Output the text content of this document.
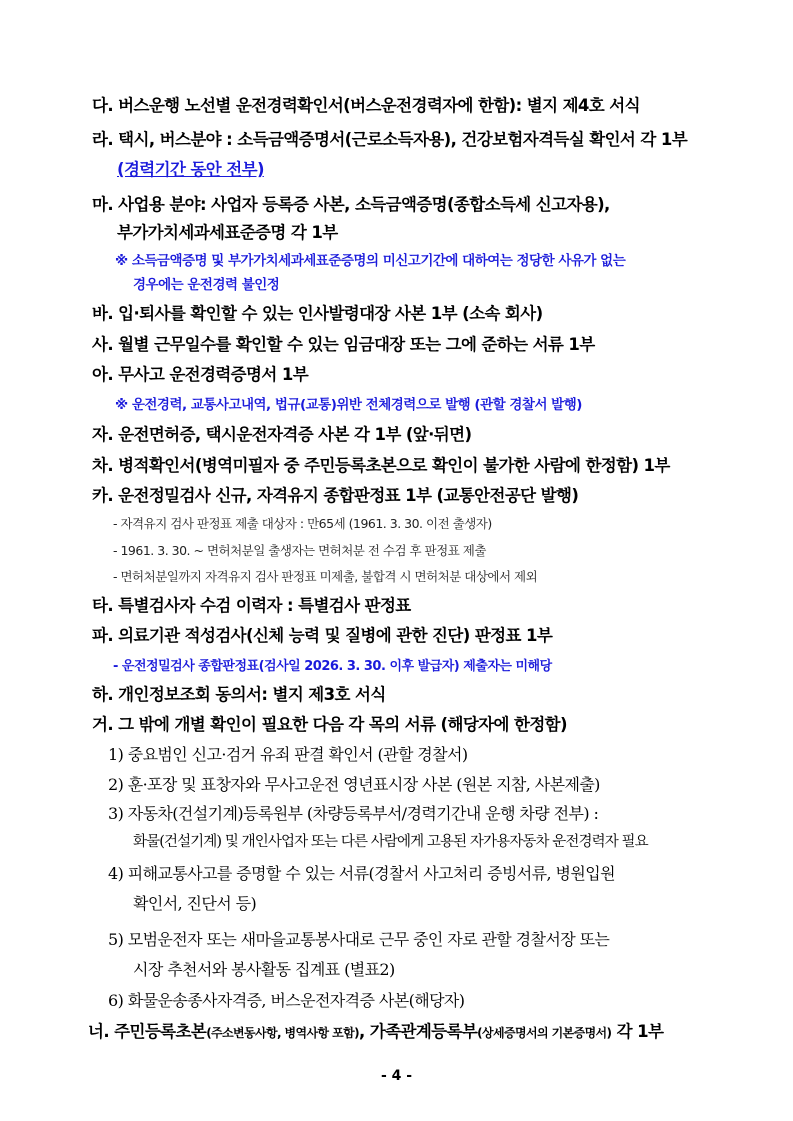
다. 버스운행 노선별 운전경력확인서(버스운전경력자에 한함): 별지 제4호 서식
라. 택시, 버스분야 : 소득금액증명서(근로소득자용), 건강보험자격득실 확인서 각 1부
(경력기간 동안 전부)
마. 사업용 분야: 사업자 등록증 사본, 소득금액증명(종합소득세 신고자용),
부가가치세과세표준증명 각 1부
※ 소득금액증명 및 부가가치세과세표준증명의 미신고기간에 대하여는 정당한 사유가 없는
경우에는 운전경력 불인정
바. 입·퇴사를 확인할 수 있는 인사발령대장 사본 1부 (소속 회사)
사. 월별 근무일수를 확인할 수 있는 임금대장 또는 그에 준하는 서류 1부
아. 무사고 운전경력증명서 1부
※ 운전경력, 교통사고내역, 법규(교통)위반 전체경력으로 발행 (관할 경찰서 발행)
자. 운전면허증, 택시운전자격증 사본 각 1부 (앞·뒤면)
차. 병적확인서(병역미필자 중 주민등록초본으로 확인이 불가한 사람에 한정함) 1부
카. 운전정밀검사 신규, 자격유지 종합판정표 1부 (교통안전공단 발행)
- 자격유지 검사 판정표 제출 대상자 : 만65세 (1961. 3. 30. 이전 출생자)
- 1961. 3. 30. ~ 면허처분일 출생자는 면허처분 전 수검 후 판정표 제출
- 면허처분일까지 자격유지 검사 판정표 미제출, 불합격 시 면허처분 대상에서 제외
타. 특별검사자 수검 이력자 : 특별검사 판정표
파. 의료기관 적성검사(신체 능력 및 질병에 관한 진단) 판정표 1부
- 운전정밀검사 종합판정표(검사일 2026. 3. 30. 이후 발급자) 제출자는 미해당
하. 개인정보조회 동의서: 별지 제3호 서식
거. 그 밖에 개별 확인이 필요한 다음 각 목의 서류 (해당자에 한정함)
1) 중요범인 신고·검거 유죄 판결 확인서 (관할 경찰서)
2) 훈·포장 및 표창자와 무사고운전 영년표시장 사본 (원본 지참, 사본제출)
3) 자동차(건설기계)등록원부 (차량등록부서/경력기간내 운행 차량 전부) :
화물(건설기계) 및 개인사업자 또는 다른 사람에게 고용된 자가용자동차 운전경력자 필요
4) 피해교통사고를 증명할 수 있는 서류(경찰서 사고처리 증빙서류, 병원입원
확인서, 진단서 등)
5) 모범운전자 또는 새마을교통봉사대로 근무 중인 자로 관할 경찰서장 또는
시장 추천서와 봉사활동 집계표 (별표2)
6) 화물운송종사자격증, 버스운전자격증 사본(해당자)
너. 주민등록초본(주소변동사항, 병역사항 포함), 가족관계등록부(상세증명서의 기본증명서) 각 1부
- 4 -
